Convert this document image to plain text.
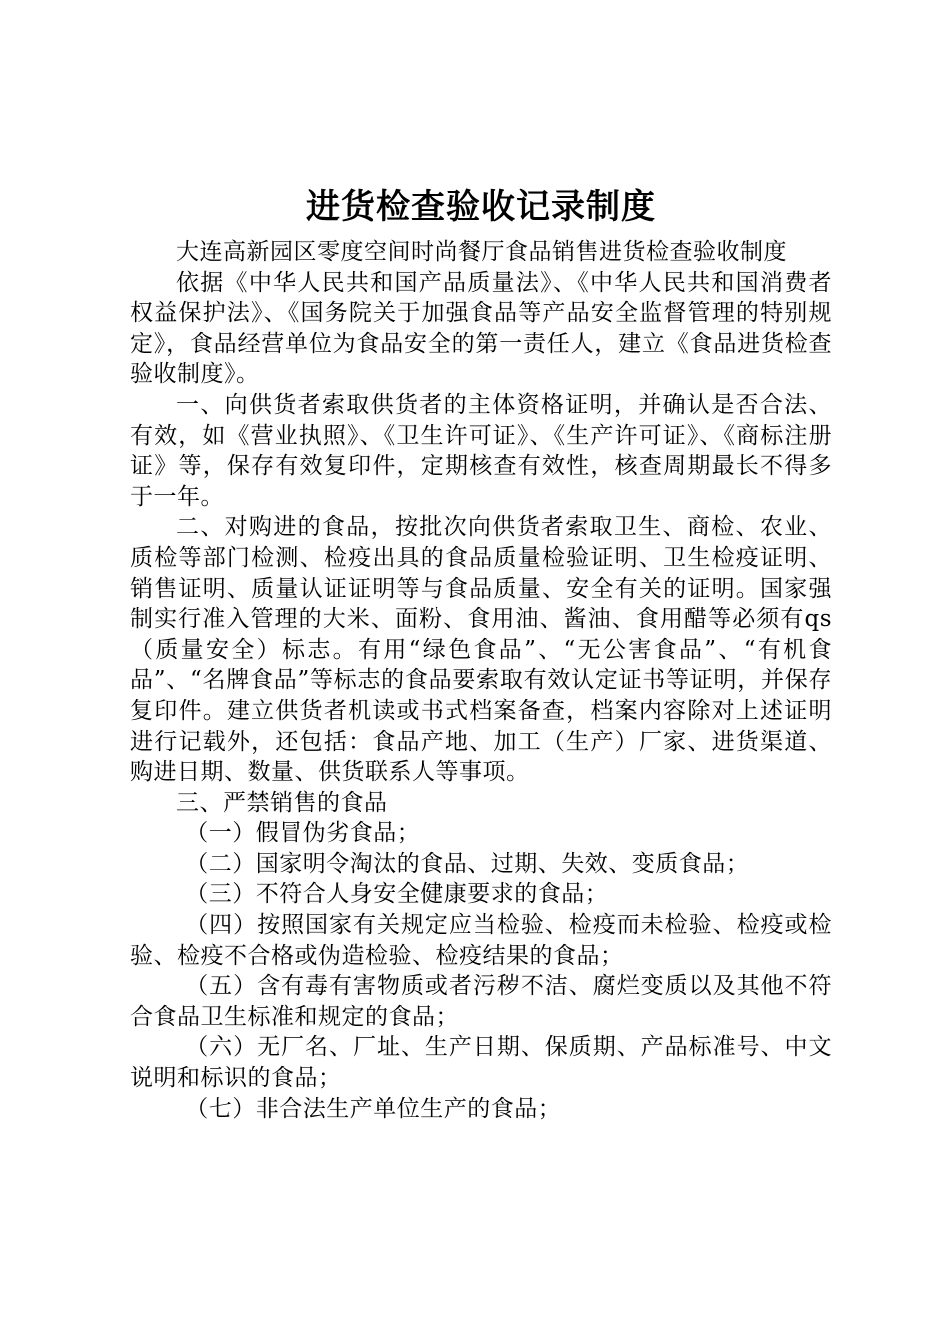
进货检查验收记录制度

大连高新园区零度空间时尚餐厅食品销售进货检查验收制度

依据《中华人民共和国产品质量法》、《中华人民共和国消费者权益保护法》、《国务院关于加强食品等产品安全监督管理的特别规定》，食品经营单位为食品安全的第一责任人，建立《食品进货检查验收制度》。

一、向供货者索取供货者的主体资格证明，并确认是否合法、有效，如《营业执照》、《卫生许可证》、《生产许可证》、《商标注册证》等，保存有效复印件，定期核查有效性，核查周期最长不得多于一年。

二、对购进的食品，按批次向供货者索取卫生、商检、农业、质检等部门检测、检疫出具的食品质量检验证明、卫生检疫证明、销售证明、质量认证证明等与食品质量、安全有关的证明。国家强制实行准入管理的大米、面粉、食用油、酱油、食用醋等必须有qs（质量安全）标志。有用“绿色食品”、“无公害食品”、“有机食品”、“名牌食品”等标志的食品要索取有效认定证书等证明，并保存复印件。建立供货者机读或书式档案备查，档案内容除对上述证明进行记载外，还包括：食品产地、加工（生产）厂家、进货渠道、购进日期、数量、供货联系人等事项。

三、严禁销售的食品

（一）假冒伪劣食品；

（二）国家明令淘汰的食品、过期、失效、变质食品；

（三）不符合人身安全健康要求的食品；

（四）按照国家有关规定应当检验、检疫而未检验、检疫或检验、检疫不合格或伪造检验、检疫结果的食品；

（五）含有毒有害物质或者污秽不洁、腐烂变质以及其他不符合食品卫生标准和规定的食品；

（六）无厂名、厂址、生产日期、保质期、产品标准号、中文说明和标识的食品；

（七）非合法生产单位生产的食品；
